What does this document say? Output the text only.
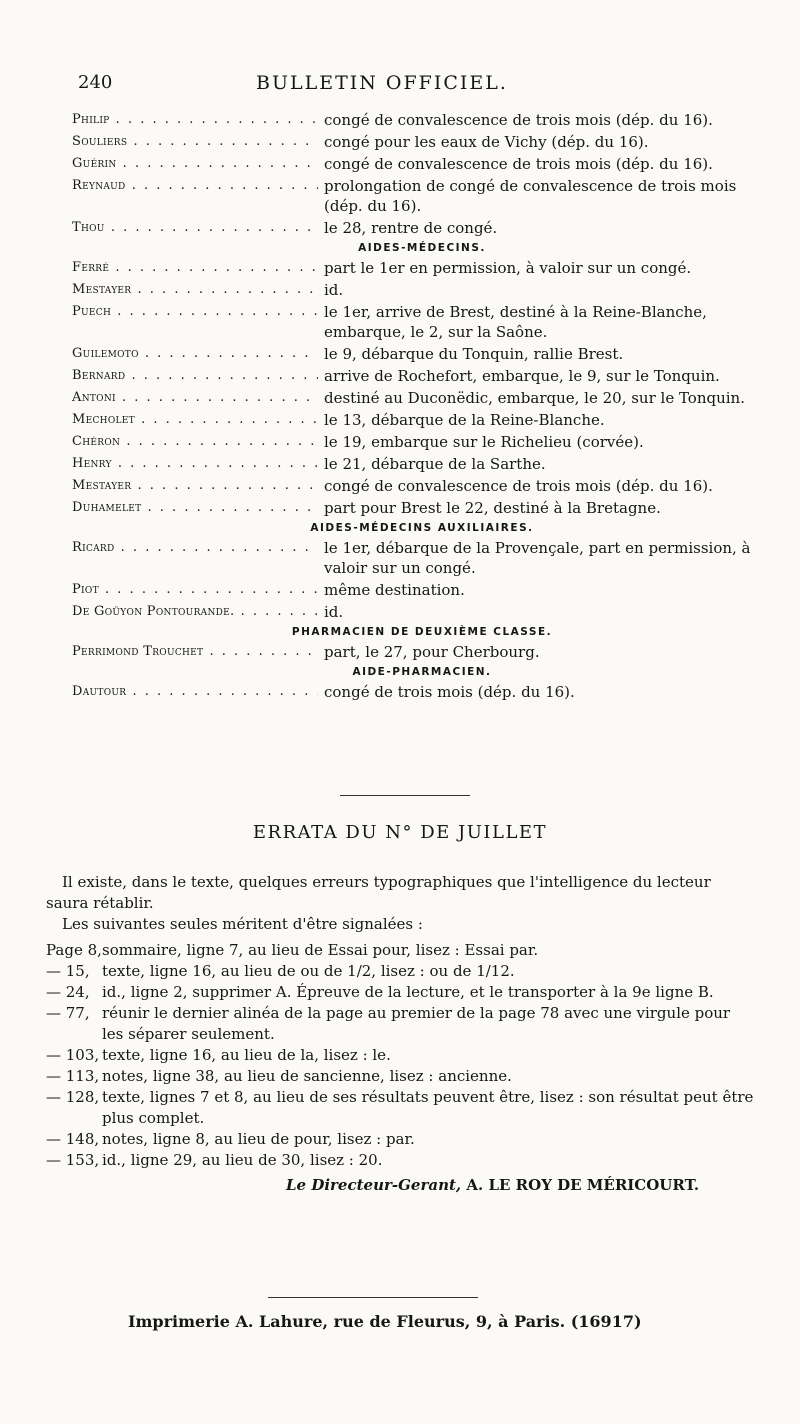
240	BULLETIN OFFICIEL.
Philip . . .	congé de convalescence de trois mois (dép. du 16).
Souliers . . .	congé pour les eaux de Vichy (dép. du 16).
Guérin . . .	congé de convalescence de trois mois (dép. du 16).
Reynaud . . .	prolongation de congé de convalescence de trois mois (dép. du 16).
Thou . . .	le 28, rentre de congé.
AIDES-MÉDECINS.
Ferré . . .	part le 1er en permission, à valoir sur un congé.
Mestayer . . .	id.
Puech . . .	le 1er, arrive de Brest, destiné à la Reine-Blanche, embarque, le 2, sur la Saône.
Guilemoto . . .	le 9, débarque du Tonquin, rallie Brest.
Bernard . . .	arrive de Rochefort, embarque, le 9, sur le Tonquin.
Antoni . . .	destiné au Duconëdic, embarque, le 20, sur le Tonquin.
Mecholet . . .	le 13, débarque de la Reine-Blanche.
Chéron . . .	le 19, embarque sur le Richelieu (corvée).
Henry . . .	le 21, débarque de la Sarthe.
Mestayer . . .	congé de convalescence de trois mois (dép. du 16).
Duhamelet . . .	part pour Brest le 22, destiné à la Bretagne.
AIDES-MÉDECINS AUXILIAIRES.
Ricard . . .	le 1er, débarque de la Provençale, part en permission, à valoir sur un congé.
Piot . . .	même destination.
De Goüyon Pontourande. . . .	id.
PHARMACIEN DE DEUXIÈME CLASSE.
Perrimond Trouchet . . .	part, le 27, pour Cherbourg.
AIDE-PHARMACIEN.
Dautour . . .	congé de trois mois (dép. du 16).
ERRATA DU N° DE JUILLET
Il existe, dans le texte, quelques erreurs typographiques que l'intelligence du lecteur saura rétablir.
Les suivantes seules méritent d'être signalées :
Page 8, sommaire, ligne 7, au lieu de Essai pour, lisez : Essai par.
— 15, texte, ligne 16, au lieu de ou de 1/2, lisez : ou de 1/12.
— 24, id., ligne 2, supprimer A. Épreuve de la lecture, et le transporter à la 9e ligne B.
— 77, réunir le dernier alinéa de la page au premier de la page 78 avec une virgule pour les séparer seulement.
— 103, texte, ligne 16, au lieu de la, lisez : le.
— 113, notes, ligne 38, au lieu de sancienne, lisez : ancienne.
— 128, texte, lignes 7 et 8, au lieu de ses résultats peuvent être, lisez : son résultat peut être plus complet.
— 148, notes, ligne 8, au lieu de pour, lisez : par.
— 153, id., ligne 29, au lieu de 30, lisez : 20.
Le Directeur-Gerant, A. LE ROY DE MÉRICOURT.
Imprimerie A. Lahure, rue de Fleurus, 9, à Paris. (16917)
